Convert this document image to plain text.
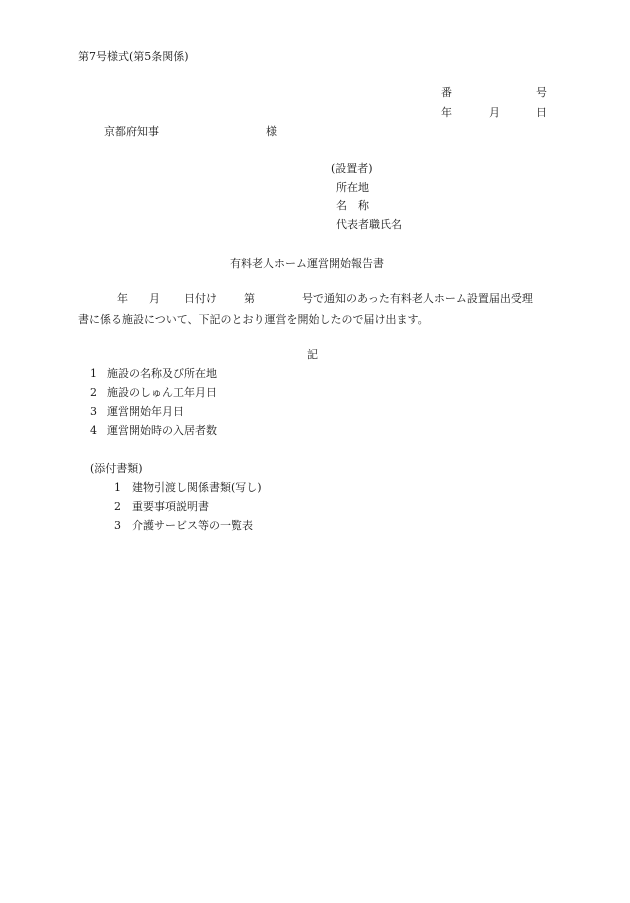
第7号様式(第5条関係)
番	号
年	月	日
京都府知事	様
(設置者)
所在地
名　称
代表者職氏名
有料老人ホーム運営開始報告書
年 月 日付け 第	号で通知のあった有料老人ホーム設置届出受理
書に係る施設について、下記のとおり運営を開始したので届け出ます。
記
1 施設の名称及び所在地
2 施設のしゅん工年月日
3 運営開始年月日
4 運営開始時の入居者数
(添付書類)
1 建物引渡し関係書類(写し)
2 重要事項説明書
3 介護サービス等の一覧表
